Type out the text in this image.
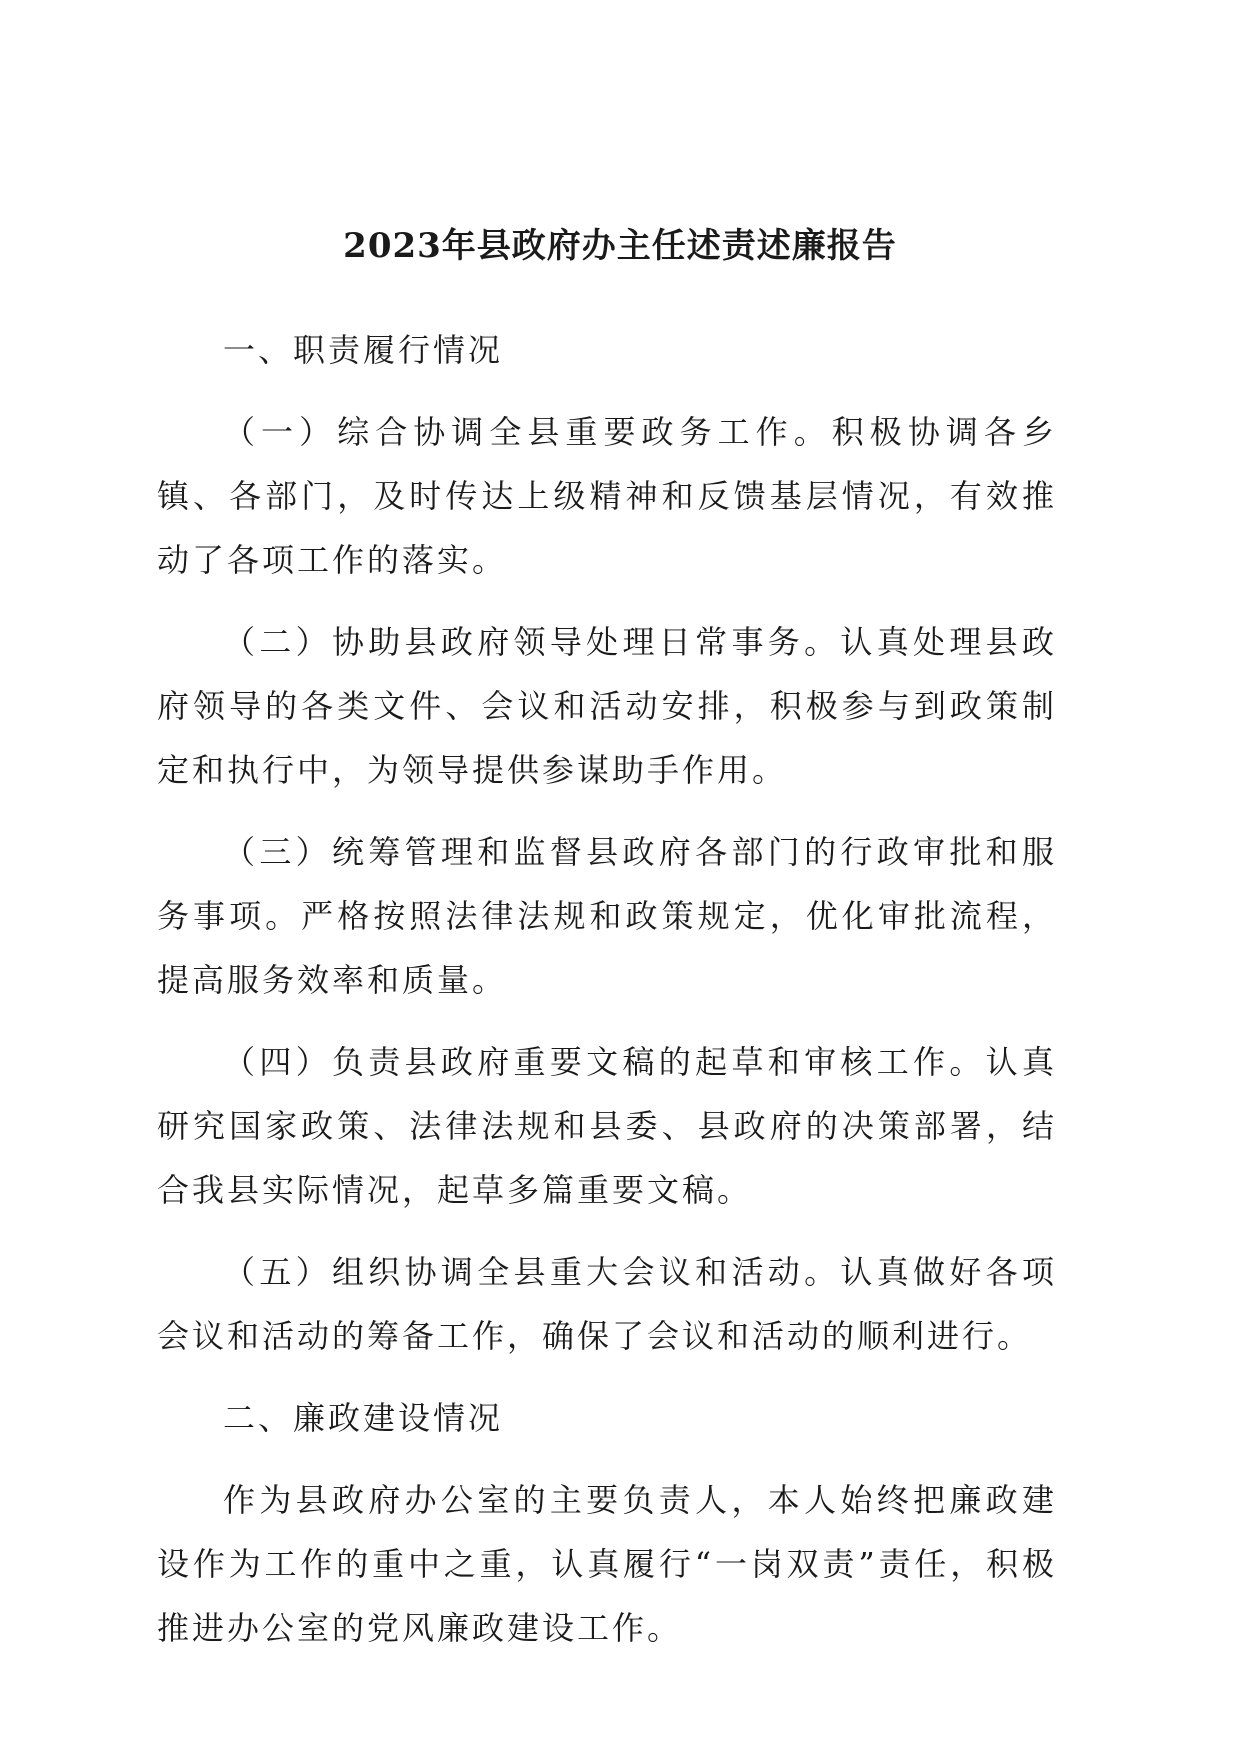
2023年县政府办主任述责述廉报告

一、职责履行情况

（一）综合协调全县重要政务工作。积极协调各乡镇、各部门，及时传达上级精神和反馈基层情况，有效推动了各项工作的落实。

（二）协助县政府领导处理日常事务。认真处理县政府领导的各类文件、会议和活动安排，积极参与到政策制定和执行中，为领导提供参谋助手作用。

（三）统筹管理和监督县政府各部门的行政审批和服务事项。严格按照法律法规和政策规定，优化审批流程，提高服务效率和质量。

（四）负责县政府重要文稿的起草和审核工作。认真研究国家政策、法律法规和县委、县政府的决策部署，结合我县实际情况，起草多篇重要文稿。

（五）组织协调全县重大会议和活动。认真做好各项会议和活动的筹备工作，确保了会议和活动的顺利进行。

二、廉政建设情况

作为县政府办公室的主要负责人，本人始终把廉政建设作为工作的重中之重，认真履行“一岗双责”责任，积极推进办公室的党风廉政建设工作。
